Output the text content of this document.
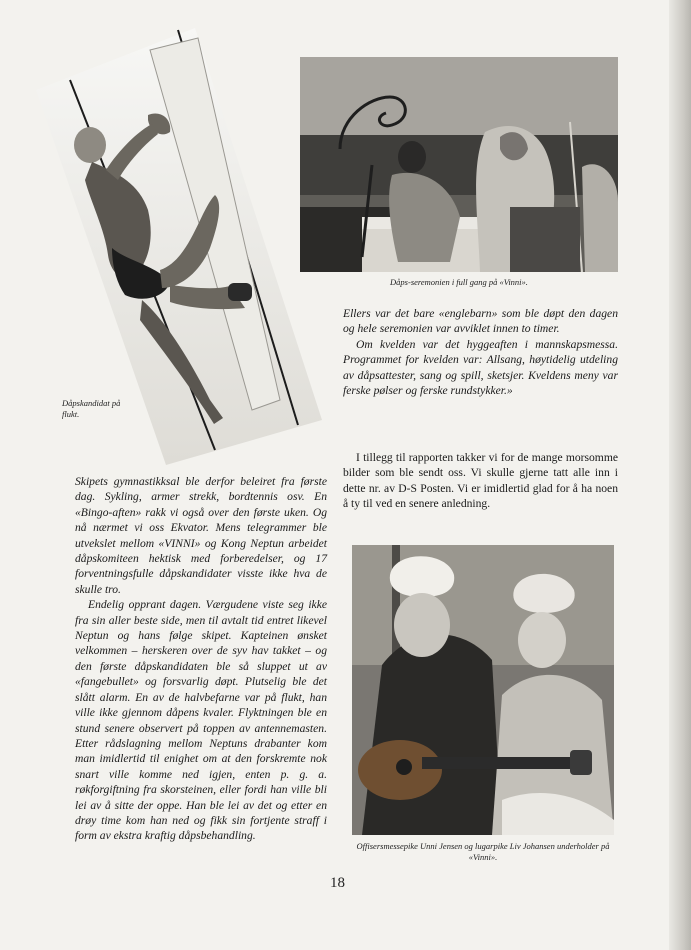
Dåpskandidat på flukt.
Dåps-seremonien i full gang på «Vinni».

Ellers var det bare «englebarn» som ble døpt den dagen og hele seremonien var avviklet innen to timer.

Om kvelden var det hyggeaften i mannskapsmessa. Programmet for kvelden var: Allsang, høytidelig utdeling av dåpsattester, sang og spill, sketsjer. Kveldens meny var ferske pølser og ferske rundstykker.»

I tillegg til rapporten takker vi for de mange morsomme bilder som ble sendt oss. Vi skulle gjerne tatt alle inn i dette nr. av D-S Posten. Vi er imidlertid glad for å ha noen å ty til ved en senere anledning.

Skipets gymnastikksal ble derfor beleiret fra første dag. Sykling, armer strekk, bordtennis osv. En «Bingo-aften» rakk vi også over den første uken. Og nå nærmet vi oss Ekvator. Mens telegrammer ble utvekslet mellom «VINNI» og Kong Neptun arbeidet dåpskomiteen hektisk med forberedelser, og 17 forventningsfulle dåpskandidater visste ikke hva de skulle tro.

Endelig opprant dagen. Værgudene viste seg ikke fra sin aller beste side, men til avtalt tid entret likevel Neptun og hans følge skipet. Kapteinen ønsket velkommen – herskeren over de syv hav takket – og den første dåpskandidaten ble så sluppet ut av «fangebullet» og forsvarlig døpt. Plutselig ble det slått alarm. En av de halvbefarne var på flukt, han ville ikke gjennom dåpens kvaler. Flyktningen ble en stund senere observert på toppen av antennemasten. Etter rådslagning mellom Neptuns drabanter kom man imidlertid til enighet om at den forskremte nok snart ville komme ned igjen, enten p. g. a. røkforgiftning fra skorsteinen, eller fordi han ville bli lei av å sitte der oppe. Han ble lei av det og etter en drøy time kom han ned og fikk sin fortjente straff i form av ekstra kraftig dåpsbehandling.

Offisersmessepike Unni Jensen og lugarpike Liv Johansen underholder på «Vinni».
18
